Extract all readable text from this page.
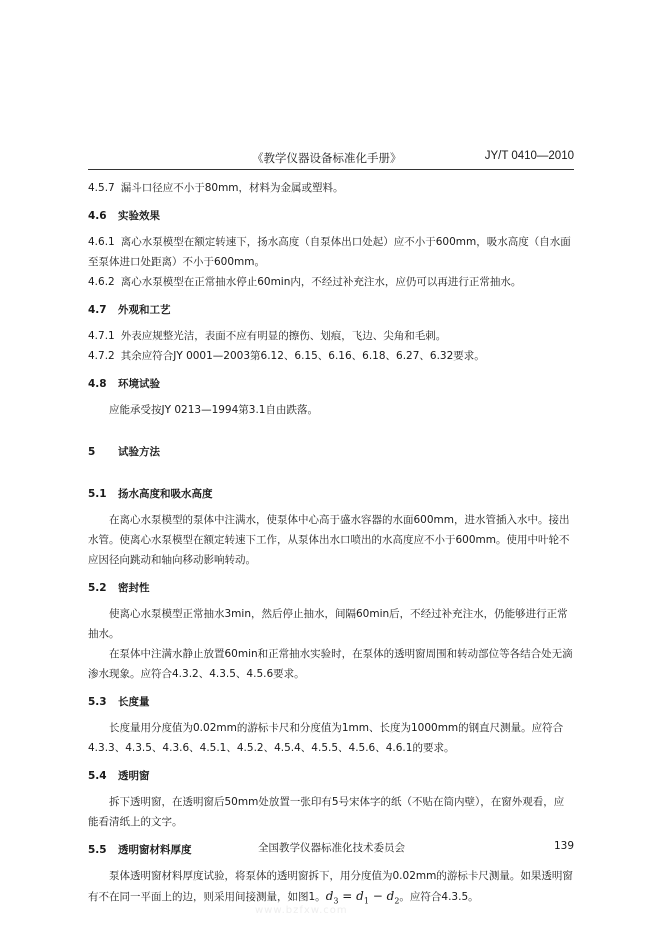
《教学仪器设备标准化手册》	JY/T 0410—2010

4.5.7 漏斗口径应不小于80mm，材料为金属或塑料。

4.6 实验效果

4.6.1 离心水泵模型在额定转速下，扬水高度（自泵体出口处起）应不小于600mm，吸水高度（自水面至泵体进口处距离）不小于600mm。

4.6.2 离心水泵模型在正常抽水停止60min内，不经过补充注水，应仍可以再进行正常抽水。

4.7 外观和工艺

4.7.1 外表应规整光洁，表面不应有明显的擦伤、划痕，飞边、尖角和毛刺。

4.7.2 其余应符合JY 0001—2003第6.12、6.15、6.16、6.18、6.27、6.32要求。

4.8 环境试验

应能承受按JY 0213—1994第3.1自由跌落。

5 试验方法

5.1 扬水高度和吸水高度

在离心水泵模型的泵体中注满水，使泵体中心高于盛水容器的水面600mm，进水管插入水中。接出水管。使离心水泵模型在额定转速下工作，从泵体出水口喷出的水高度应不小于600mm。使用中叶轮不应因径向跳动和轴向移动影响转动。

5.2 密封性

使离心水泵模型正常抽水3min，然后停止抽水，间隔60min后，不经过补充注水，仍能够进行正常抽水。

在泵体中注满水静止放置60min和正常抽水实验时，在泵体的透明窗周围和转动部位等各结合处无滴渗水现象。应符合4.3.2、4.3.5、4.5.6要求。

5.3 长度量

长度量用分度值为0.02mm的游标卡尺和分度值为1mm、长度为1000mm的钢直尺测量。应符合4.3.3、4.3.5、4.3.6、4.5.1、4.5.2、4.5.4、4.5.5、4.5.6、4.6.1的要求。

5.4 透明窗

拆下透明窗，在透明窗后50mm处放置一张印有5号宋体字的纸（不贴在筒内壁），在窗外观看，应能看清纸上的文字。

5.5 透明窗材料厚度

泵体透明窗材料厚度试验，将泵体的透明窗拆下，用分度值为0.02mm的游标卡尺测量。如果透明窗有不在同一平面上的边，则采用间接测量，如图1。$d_3 = d_1 - d_2$。应符合4.3.5。

全国教学仪器标准化技术委员会	139
www.bzfxw.com
